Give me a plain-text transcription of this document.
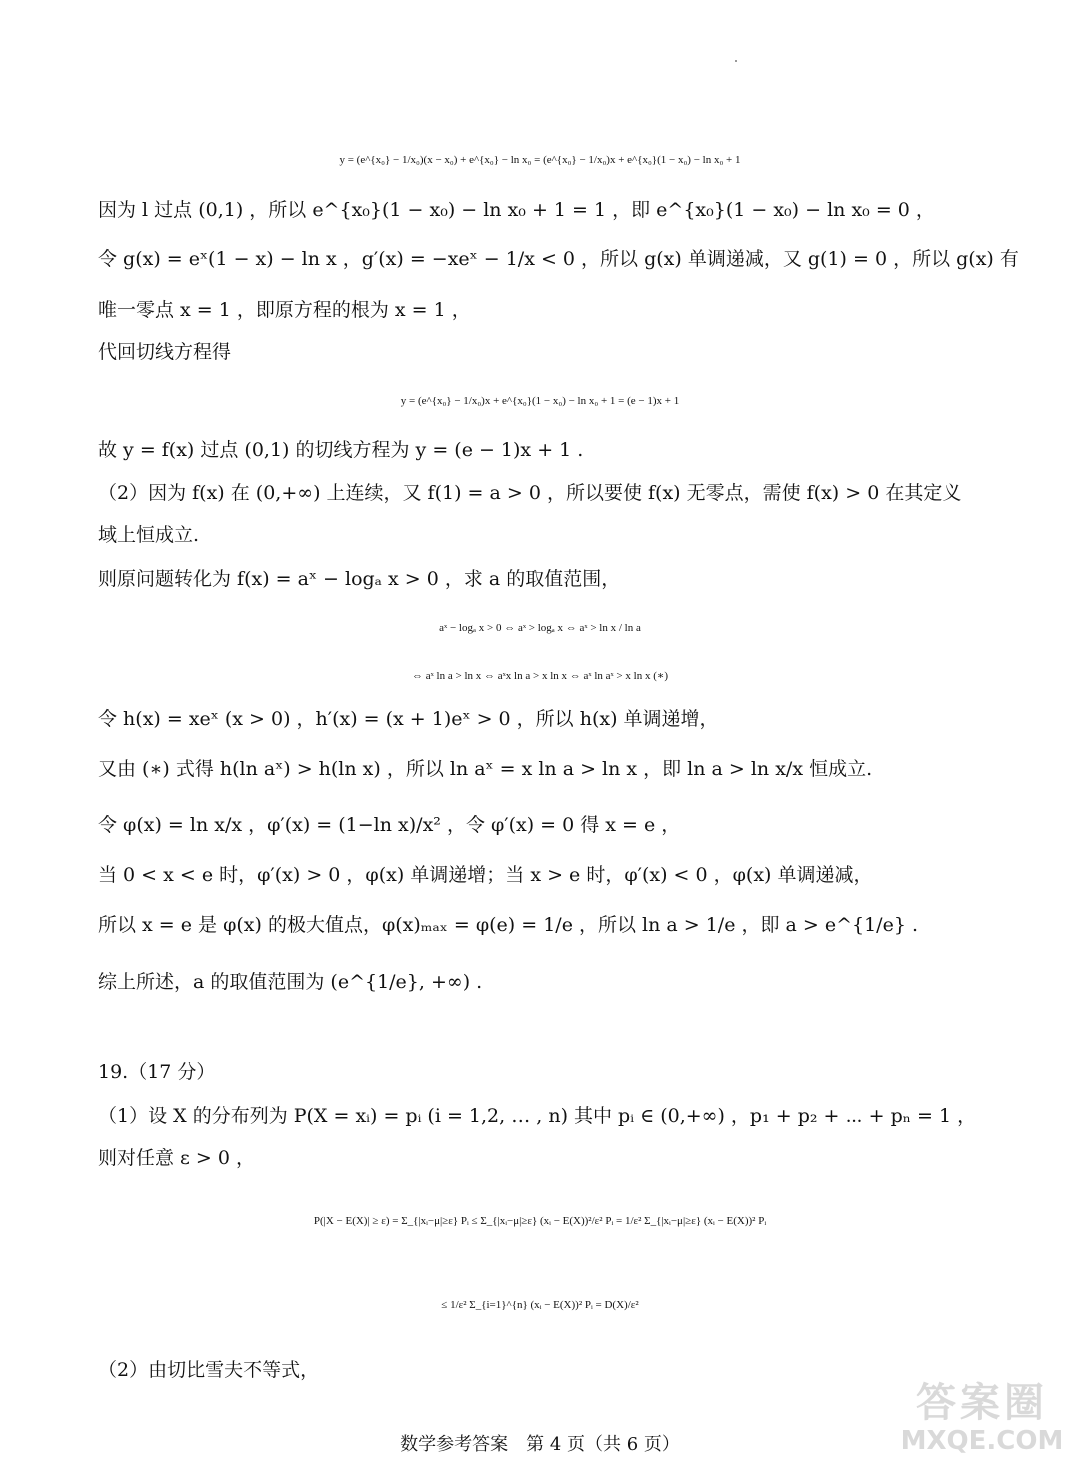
y = (e^{x₀} − 1/x₀)(x − x₀) + e^{x₀} − ln x₀ = (e^{x₀} − 1/x₀)x + e^{x₀}(1 − x₀) − ln x₀ + 1
因为 l 过点 (0,1) ，所以 e^{x₀}(1 − x₀) − ln x₀ + 1 = 1 ，即 e^{x₀}(1 − x₀) − ln x₀ = 0 ，
令 g(x) = eˣ(1 − x) − ln x ，g′(x) = −xeˣ − 1/x < 0 ，所以 g(x) 单调递减，又 g(1) = 0 ，所以 g(x) 有
唯一零点 x = 1 ，即原方程的根为 x = 1 ，
代回切线方程得
y = (e^{x₀} − 1/x₀)x + e^{x₀}(1 − x₀) − ln x₀ + 1 = (e − 1)x + 1
故 y = f(x) 过点 (0,1) 的切线方程为 y = (e − 1)x + 1 .
（2）因为 f(x) 在 (0,+∞) 上连续，又 f(1) = a > 0 ，所以要使 f(x) 无零点，需使 f(x) > 0 在其定义
域上恒成立.
则原问题转化为 f(x) = aˣ − logₐ x > 0 ，求 a 的取值范围，
aˣ − logₐ x > 0 ⇔ aˣ > logₐ x ⇔ aˣ > ln x / ln a
⇔ aˣ ln a > ln x ⇔ aˣx ln a > x ln x ⇔ aˣ ln aˣ > x ln x (∗)
令 h(x) = xeˣ (x > 0) ，h′(x) = (x + 1)eˣ > 0 ，所以 h(x) 单调递增，
又由 (∗) 式得 h(ln aˣ) > h(ln x) ，所以 ln aˣ = x ln a > ln x ，即 ln a > ln x/x 恒成立.
令 φ(x) = ln x/x ，φ′(x) = (1−ln x)/x² ，令 φ′(x) = 0 得 x = e ，
当 0 < x < e 时，φ′(x) > 0 ，φ(x) 单调递增；当 x > e 时，φ′(x) < 0 ，φ(x) 单调递减，
所以 x = e 是 φ(x) 的极大值点，φ(x)ₘₐₓ = φ(e) = 1/e ，所以 ln a > 1/e ，即 a > e^{1/e} .
综上所述，a 的取值范围为 (e^{1/e}, +∞) .
19.（17 分）
（1）设 X 的分布列为 P(X = xᵢ) = pᵢ (i = 1,2, … , n) 其中 pᵢ ∈ (0,+∞) ，p₁ + p₂ + ⋯ + pₙ = 1 ，
则对任意 ε > 0 ，
P(|X − E(X)| ≥ ε) = Σ_{|xᵢ−μ|≥ε} Pᵢ ≤ Σ_{|xᵢ−μ|≥ε} (xᵢ − E(X))²/ε² Pᵢ = 1/ε² Σ_{|xᵢ−μ|≥ε} (xᵢ − E(X))² Pᵢ
≤ 1/ε² Σ_{i=1}^{n} (xᵢ − E(X))² Pᵢ = D(X)/ε²
（2）由切比雪夫不等式，
数学参考答案　第 4 页（共 6 页）
答案圈
MXQE.COM
